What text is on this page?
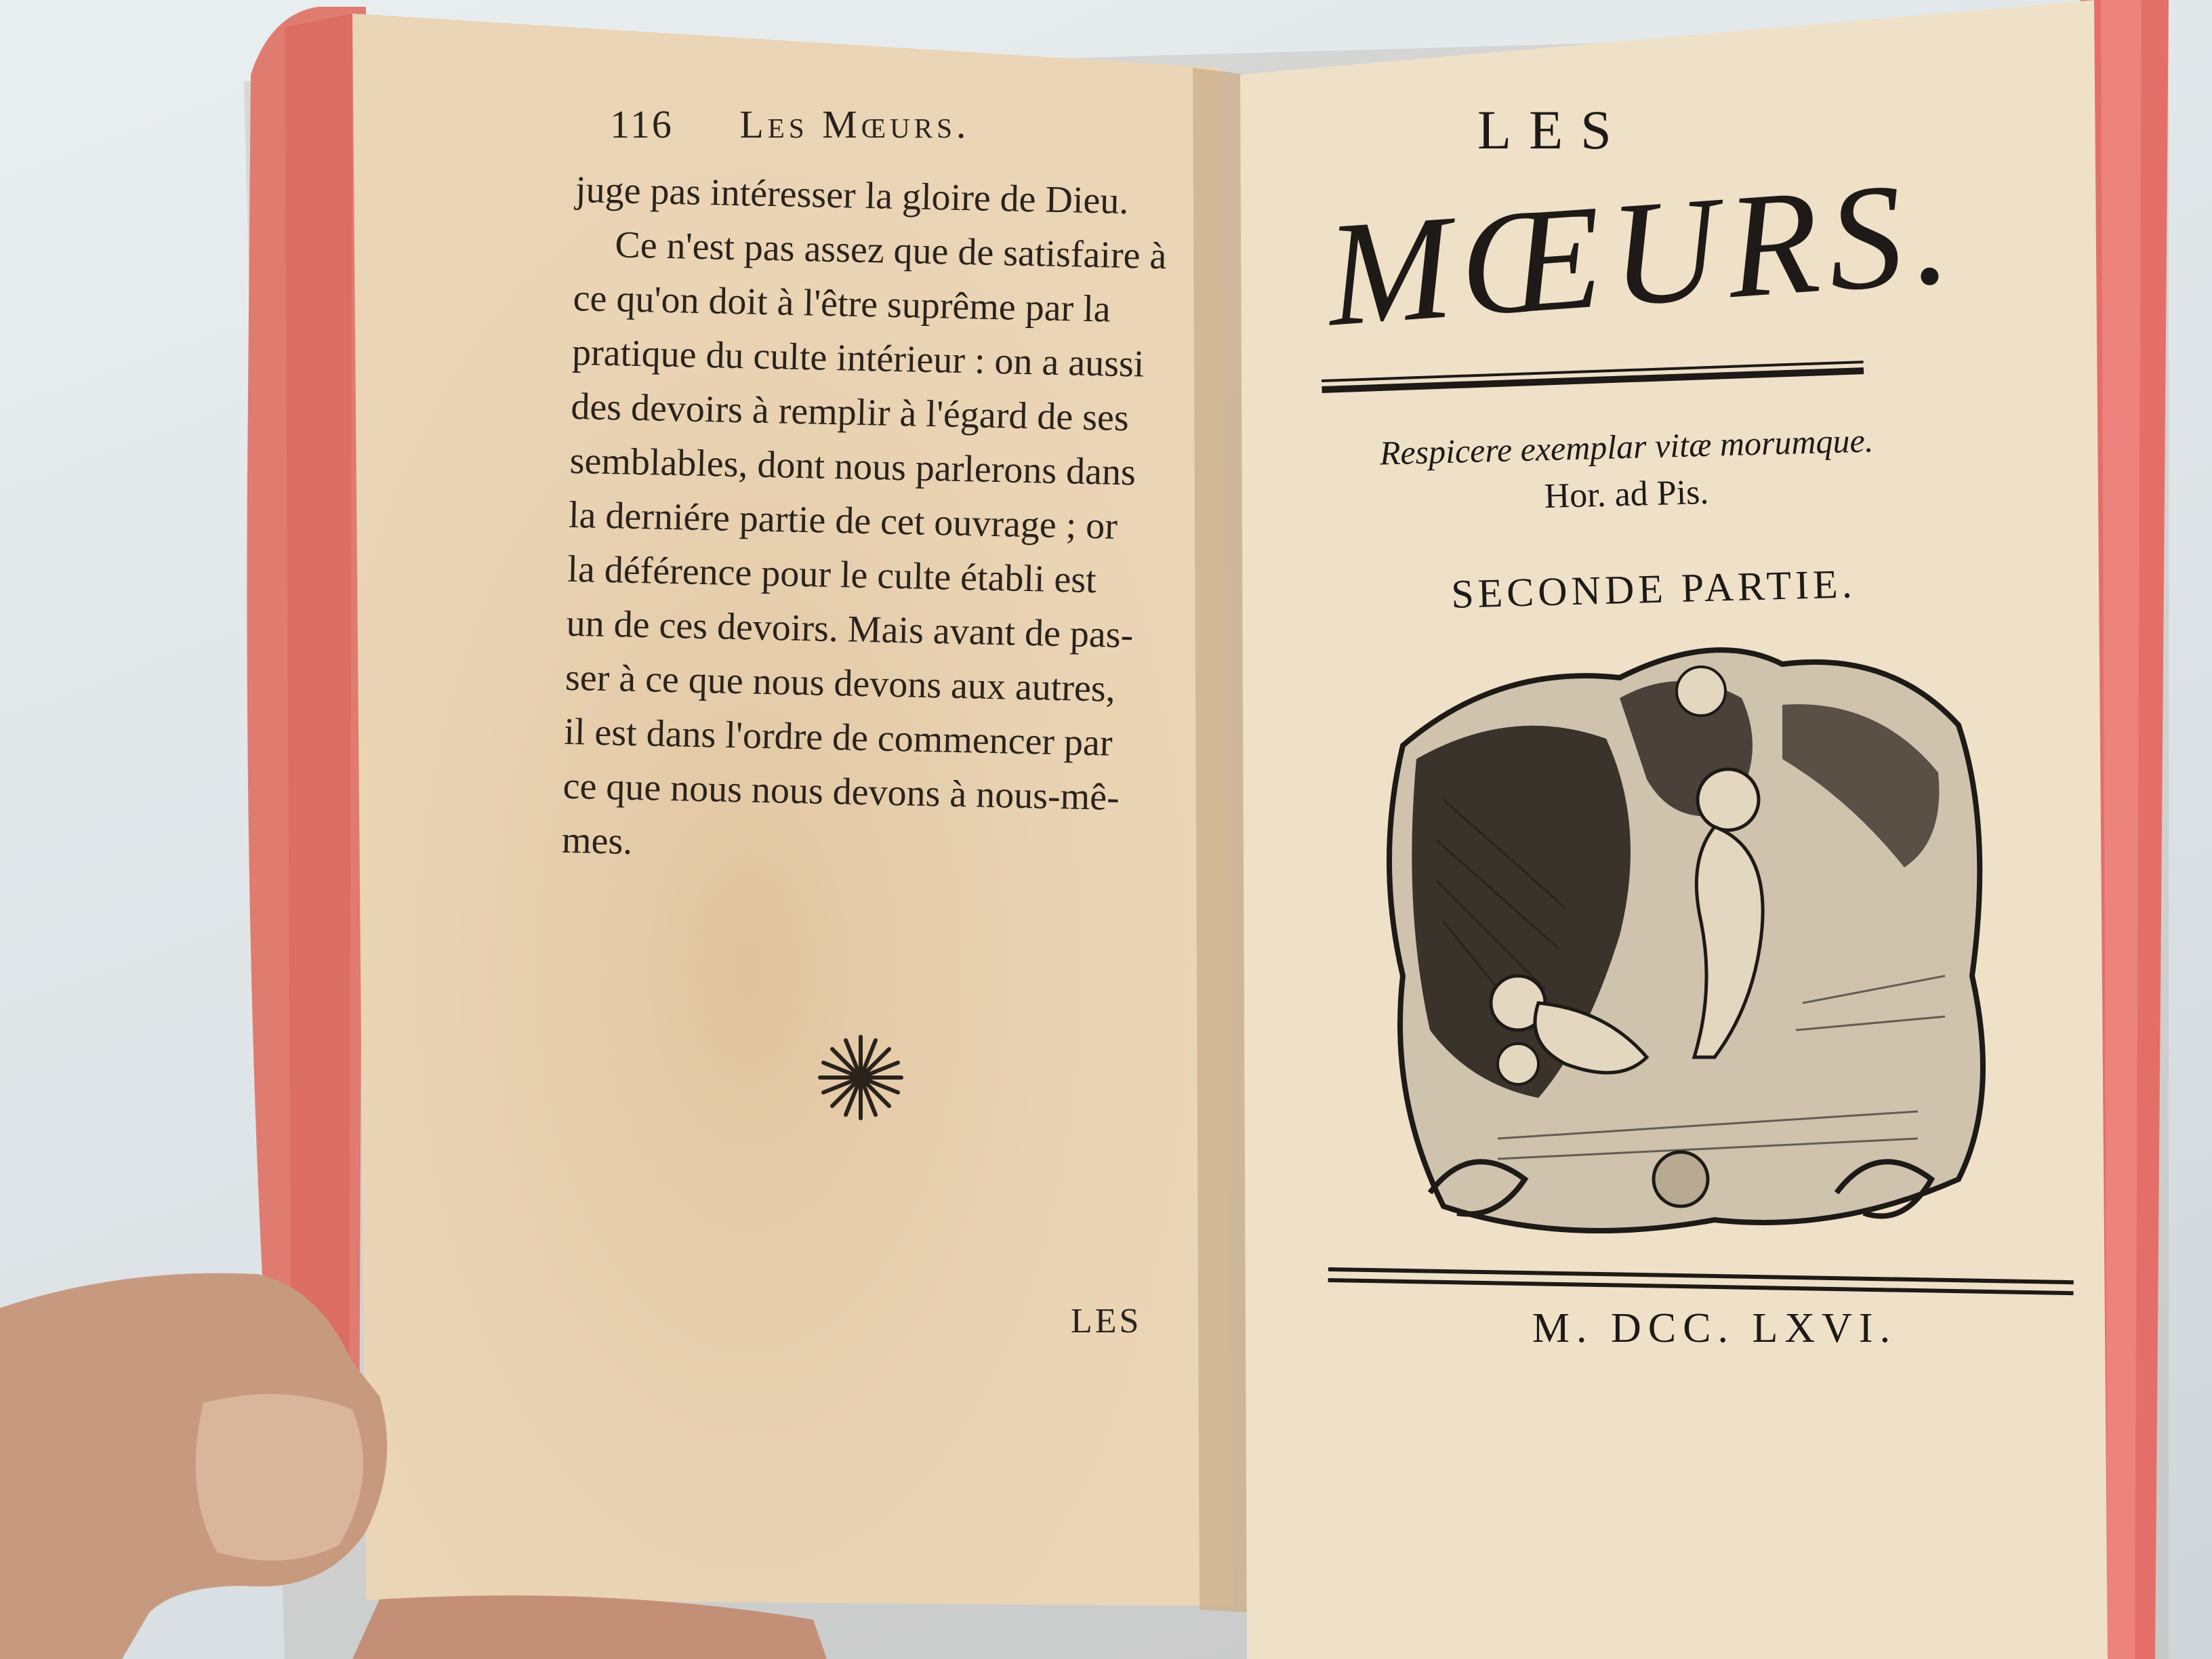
116 Les Mœurs.
juge pas intéresser la gloire de Dieu.
Ce n'est pas assez que de satisfaire à
ce qu'on doit à l'être suprême par la
pratique du culte intérieur : on a aussi
des devoirs à remplir à l'égard de ses
semblables, dont nous parlerons dans
la derniére partie de cet ouvrage ; or
la déférence pour le culte établi est
un de ces devoirs. Mais avant de pas-
ser à ce que nous devons aux autres,
il est dans l'ordre de commencer par
ce que nous nous devons à nous-mê-
mes.
LES
LES
MŒURS.
Respicere exemplar vitæ morumque.
Hor. ad Pis.
SECONDE PARTIE.
M. DCC. LXVI.
